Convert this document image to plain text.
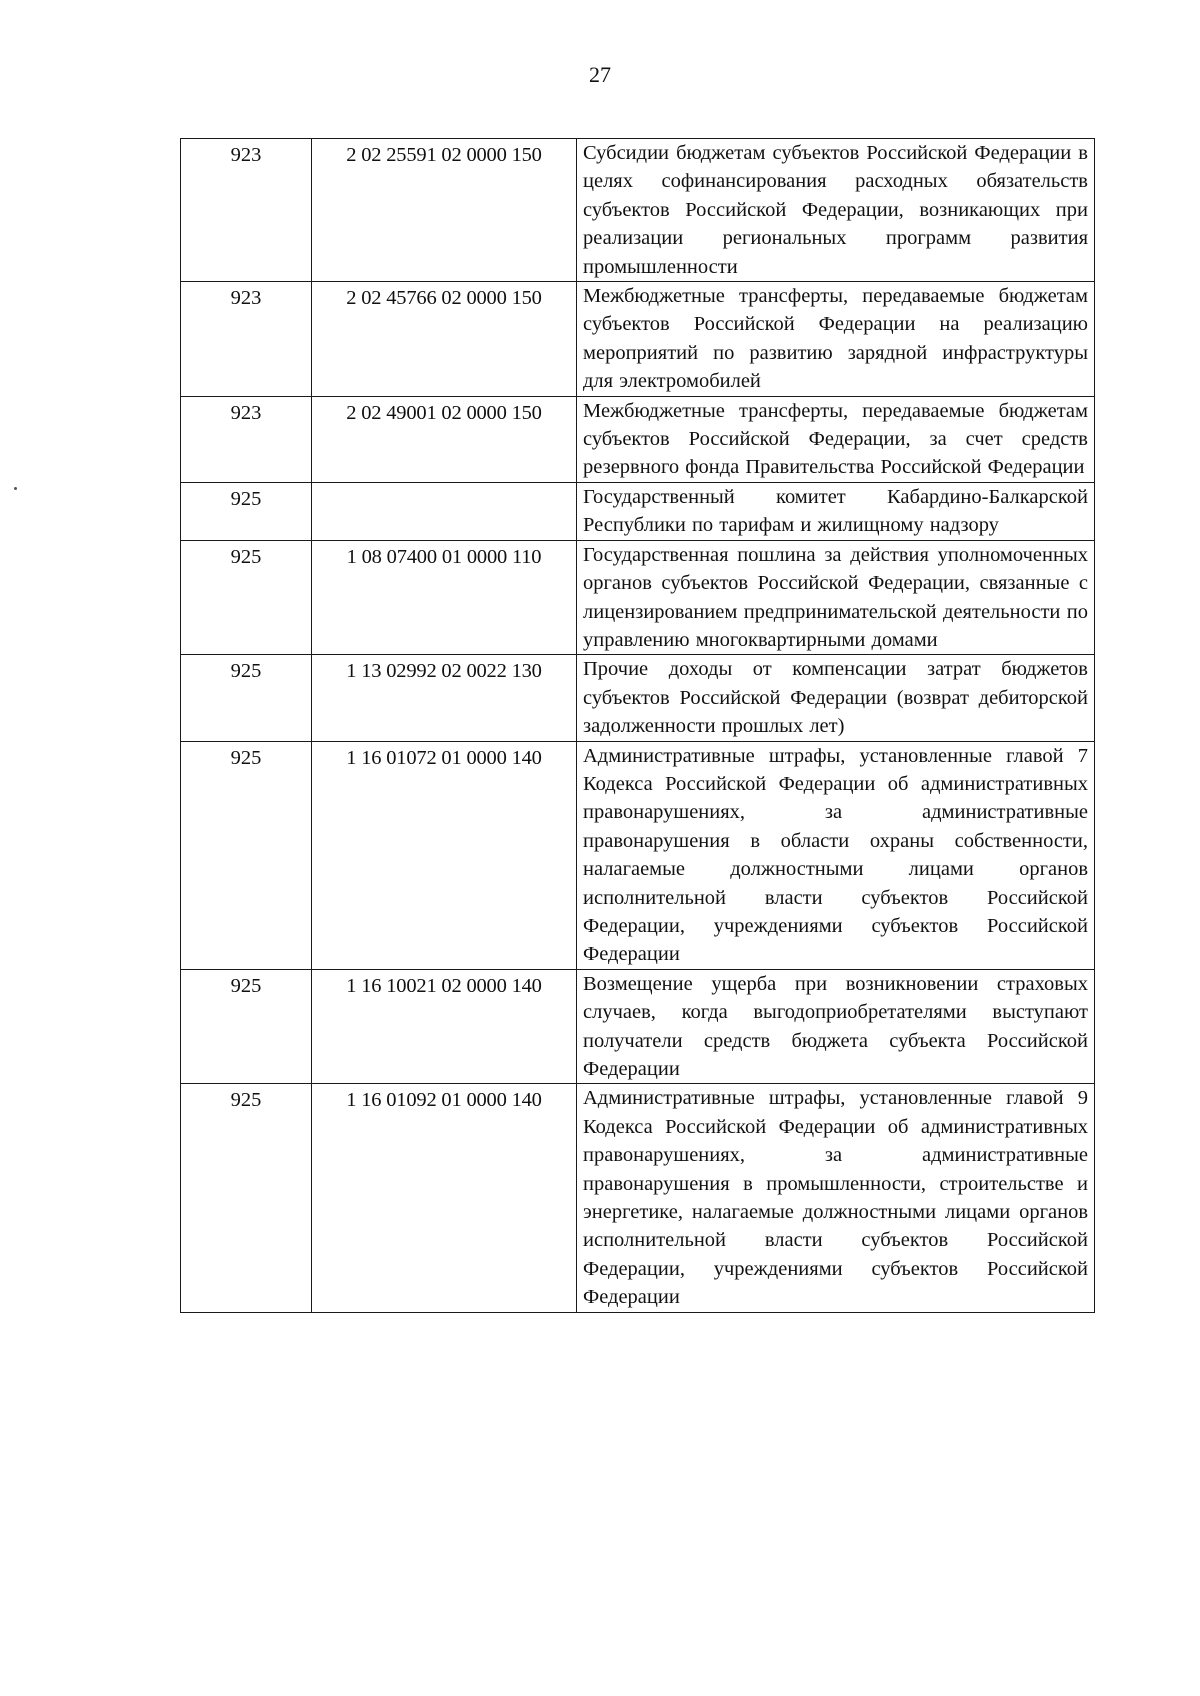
27
923	2 02 25591 02 0000 150	Субсидии бюджетам субъектов Российской Федерации в целях софинансирования расходных обязательств субъектов Российской Федерации, возникающих при реализации региональных программ развития промышленности
923	2 02 45766 02 0000 150	Межбюджетные трансферты, передаваемые бюджетам субъектов Российской Федерации на реализацию мероприятий по развитию зарядной инфраструктуры для электромобилей
923	2 02 49001 02 0000 150	Межбюджетные трансферты, передаваемые бюджетам субъектов Российской Федерации, за счет средств резервного фонда Правительства Российской Федерации
925		Государственный комитет Кабардино-Балкарской Республики по тарифам и жилищному надзору
925	1 08 07400 01 0000 110	Государственная пошлина за действия уполномоченных органов субъектов Российской Федерации, связанные с лицензированием предпринимательской деятельности по управлению многоквартирными домами
925	1 13 02992 02 0022 130	Прочие доходы от компенсации затрат бюджетов субъектов Российской Федерации (возврат дебиторской задолженности прошлых лет)
925	1 16 01072 01 0000 140	Административные штрафы, установленные главой 7 Кодекса Российской Федерации об административных правонарушениях, за административные правонарушения в области охраны собственности, налагаемые должностными лицами органов исполнительной власти субъектов Российской Федерации, учреждениями субъектов Российской Федерации
925	1 16 10021 02 0000 140	Возмещение ущерба при возникновении страховых случаев, когда выгодоприобретателями выступают получатели средств бюджета субъекта Российской Федерации
925	1 16 01092 01 0000 140	Административные штрафы, установленные главой 9 Кодекса Российской Федерации об административных правонарушениях, за административные правонарушения в промышленности, строительстве и энергетике, налагаемые должностными лицами органов исполнительной власти субъектов Российской Федерации, учреждениями субъектов Российской Федерации
